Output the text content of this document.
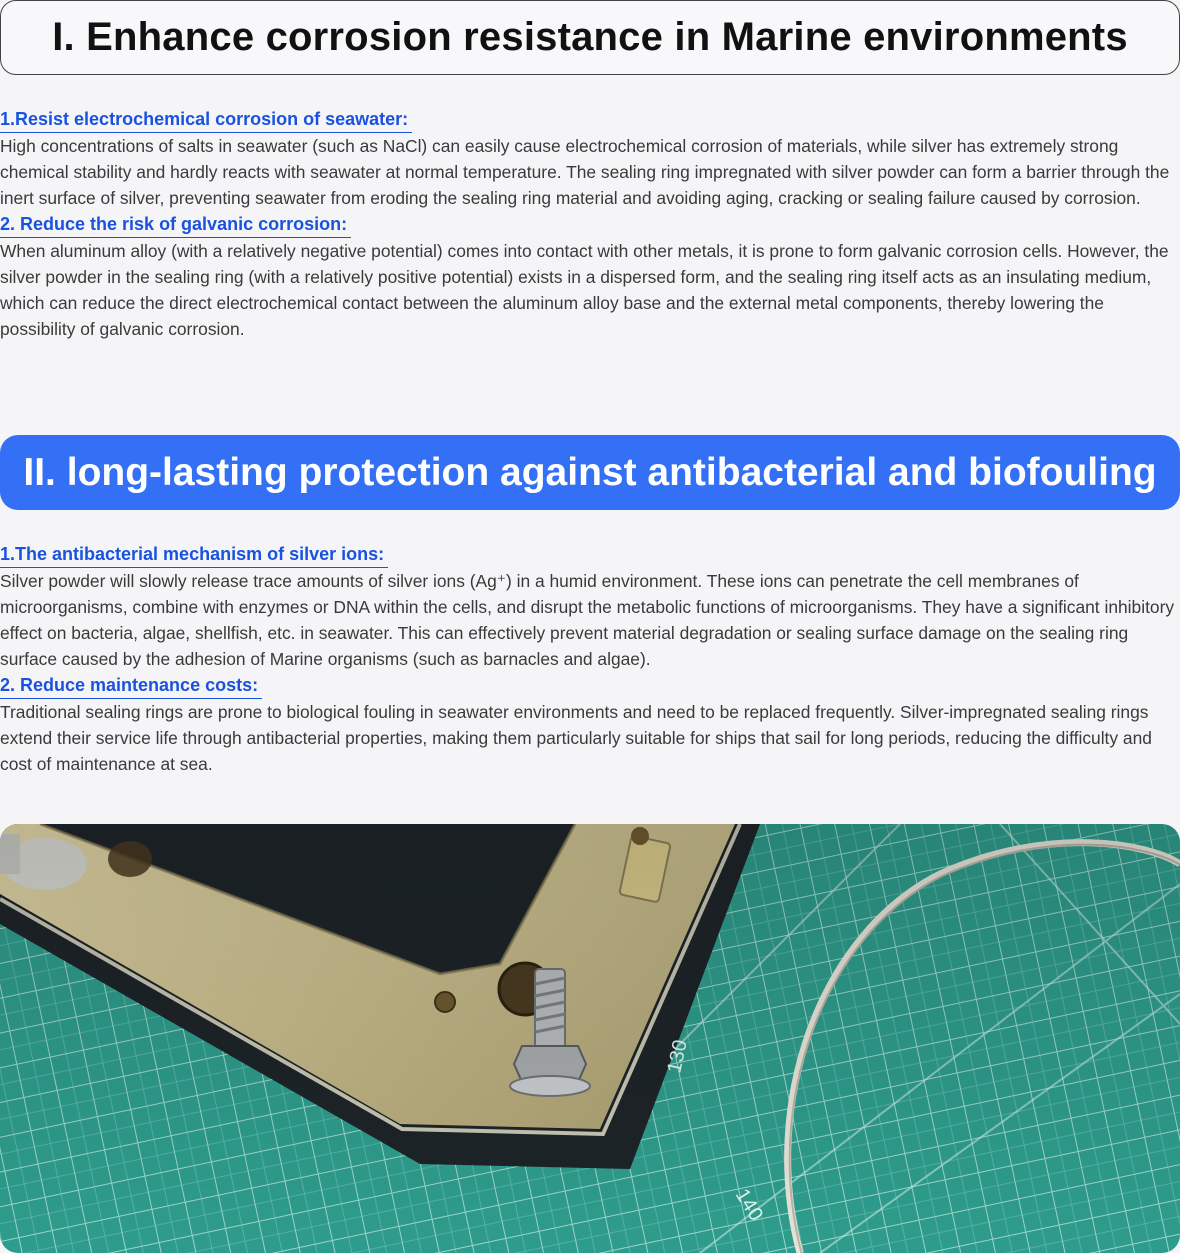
I. Enhance corrosion resistance in Marine environments
1.Resist electrochemical corrosion of seawater:

High concentrations of salts in seawater (such as NaCl) can easily cause electrochemical corrosion of materials, while silver has extremely strong chemical stability and hardly reacts with seawater at normal temperature. The sealing ring impregnated with silver powder can form a barrier through the inert surface of silver, preventing seawater from eroding the sealing ring material and avoiding aging, cracking or sealing failure caused by corrosion.

2. Reduce the risk of galvanic corrosion:

When aluminum alloy (with a relatively negative potential) comes into contact with other metals, it is prone to form galvanic corrosion cells. However, the silver powder in the sealing ring (with a relatively positive potential) exists in a dispersed form, and the sealing ring itself acts as an insulating medium, which can reduce the direct electrochemical contact between the aluminum alloy base and the external metal components, thereby lowering the possibility of galvanic corrosion.

II. long-lasting protection against antibacterial and biofouling
1.The antibacterial mechanism of silver ions:

Silver powder will slowly release trace amounts of silver ions (Ag⁺) in a humid environment. These ions can penetrate the cell membranes of microorganisms, combine with enzymes or DNA within the cells, and disrupt the metabolic functions of microorganisms. They have a significant inhibitory effect on bacteria, algae, shellfish, etc. in seawater. This can effectively prevent material degradation or sealing surface damage on the sealing ring surface caused by the adhesion of Marine organisms (such as barnacles and algae).

2. Reduce maintenance costs:

Traditional sealing rings are prone to biological fouling in seawater environments and need to be replaced frequently. Silver-impregnated sealing rings extend their service life through antibacterial properties, making them particularly suitable for ships that sail for long periods, reducing the difficulty and cost of maintenance at sea.
